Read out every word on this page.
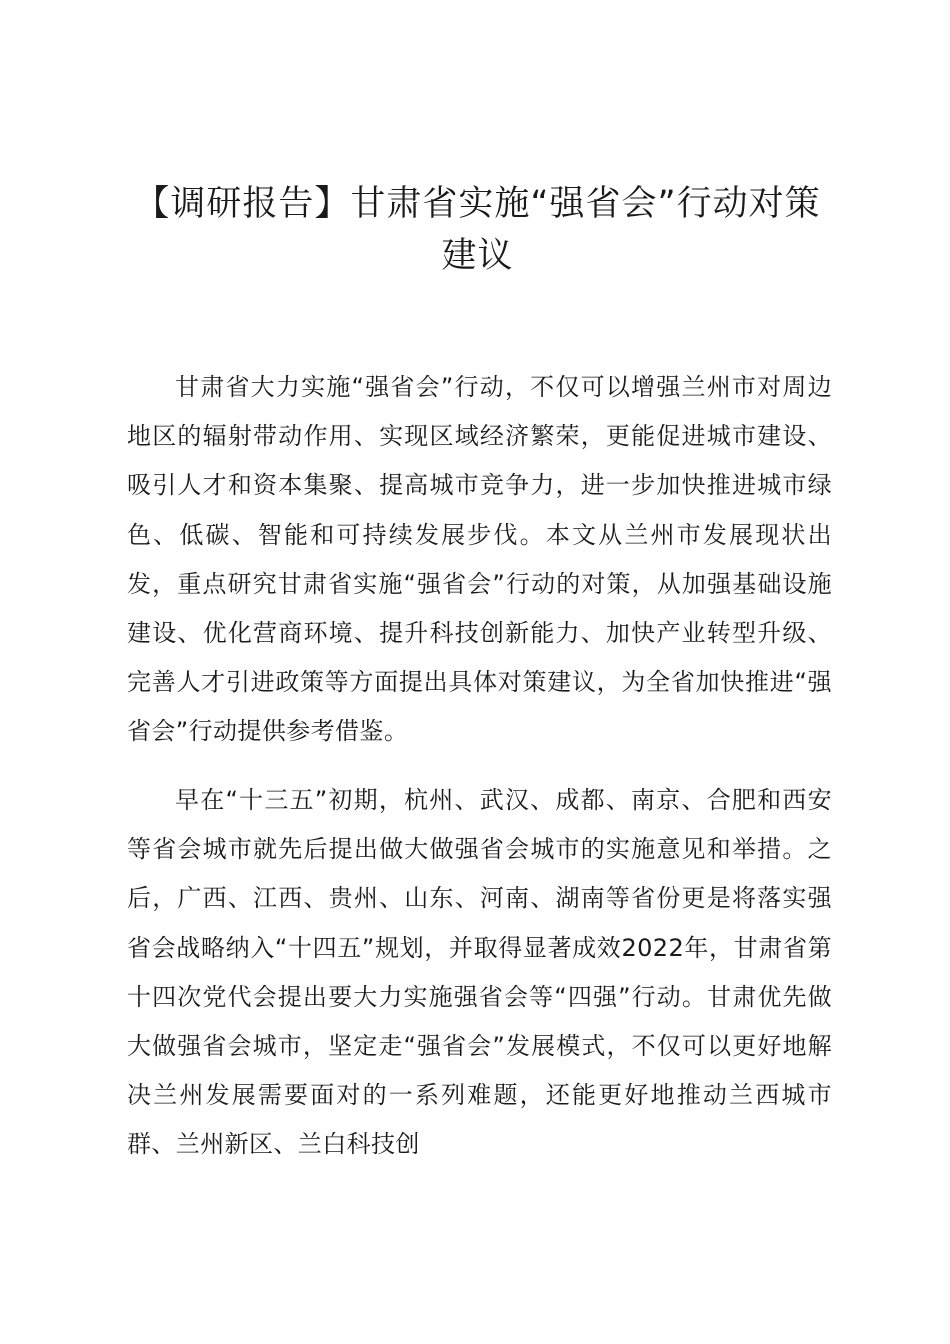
【调研报告】甘肃省实施“强省会”行动对策建议

甘肃省大力实施“强省会”行动，不仅可以增强兰州市对周边地区的辐射带动作用、实现区域经济繁荣，更能促进城市建设、吸引人才和资本集聚、提高城市竞争力，进一步加快推进城市绿色、低碳、智能和可持续发展步伐。本文从兰州市发展现状出发，重点研究甘肃省实施“强省会”行动的对策，从加强基础设施建设、优化营商环境、提升科技创新能力、加快产业转型升级、完善人才引进政策等方面提出具体对策建议，为全省加快推进“强省会”行动提供参考借鉴。

早在“十三五”初期，杭州、武汉、成都、南京、合肥和西安等省会城市就先后提出做大做强省会城市的实施意见和举措。之后，广西、江西、贵州、山东、河南、湖南等省份更是将落实强省会战略纳入“十四五”规划，并取得显著成效2022年，甘肃省第十四次党代会提出要大力实施强省会等“四强”行动。甘肃优先做大做强省会城市，坚定走“强省会”发展模式，不仅可以更好地解决兰州发展需要面对的一系列难题，还能更好地推动兰西城市群、兰州新区、兰白科技创
